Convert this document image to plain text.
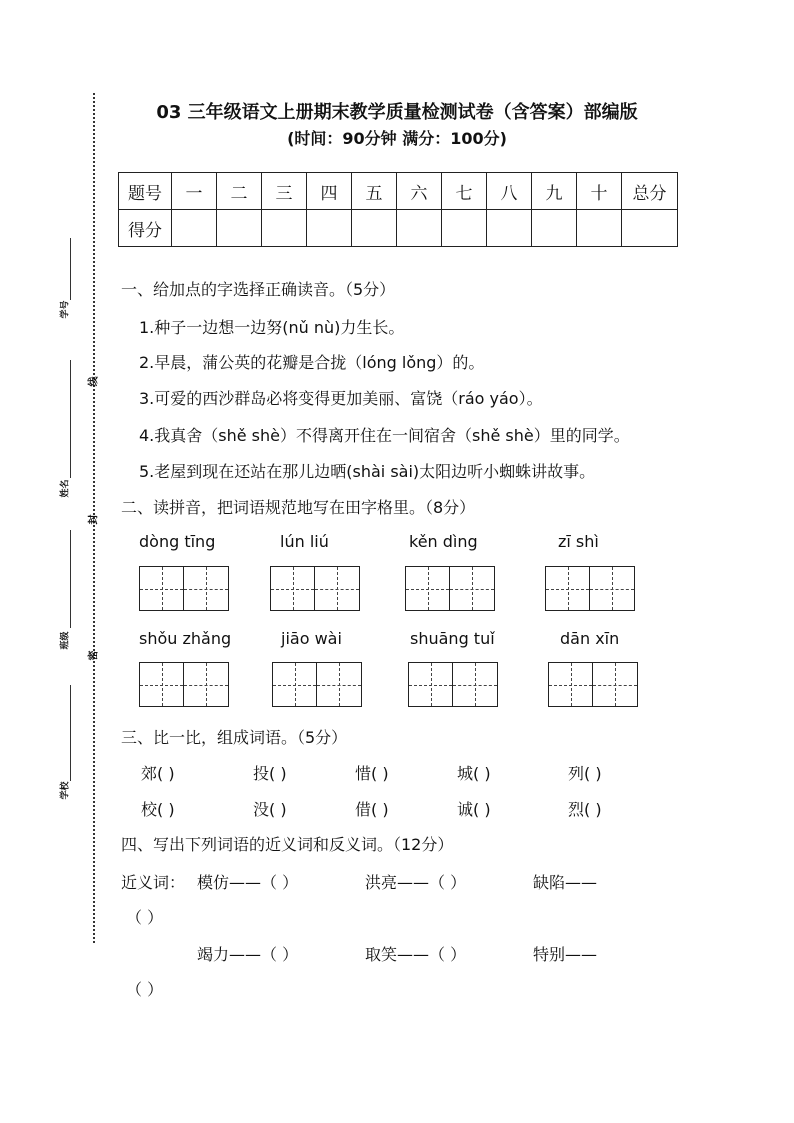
学号
姓名
班级
学校
线
封
密
03 三年级语文上册期末教学质量检测试卷（含答案）部编版
(时间：90分钟 满分：100分)
题号	一	二	三	四	五	六	七	八	九	十	总分
得分											
一、给加点的字选择正确读音。（5分）
1.种子一边想一边努(nǔ nù)力生长。
2.早晨，蒲公英的花瓣是合拢（lóng lǒng）的。
3.可爱的西沙群岛必将变得更加美丽、富饶（ráo yáo）。
4.我真舍（shě shè）不得离开住在一间宿舍（shě shè）里的同学。
5.老屋到现在还站在那儿边晒(shài sài)太阳边听小蜘蛛讲故事。
二、读拼音，把词语规范地写在田字格里。（8分）
dòng tīng	lún liú	kěn dìng	zī shì
shǒu zhǎng	jiāo wài	shuāng tuǐ	dān xīn
三、比一比，组成词语。（5分）
郊( )	投( )	惜( )	城( )	列( )
校( )	没( )	借( )	诚( )	烈( )
四、写出下列词语的近义词和反义词。（12分）
近义词： 模仿——（ ）	洪亮——（ ）	缺陷——
（ ）
竭力——（ ）	取笑——（ ）	特别——
（ ）
